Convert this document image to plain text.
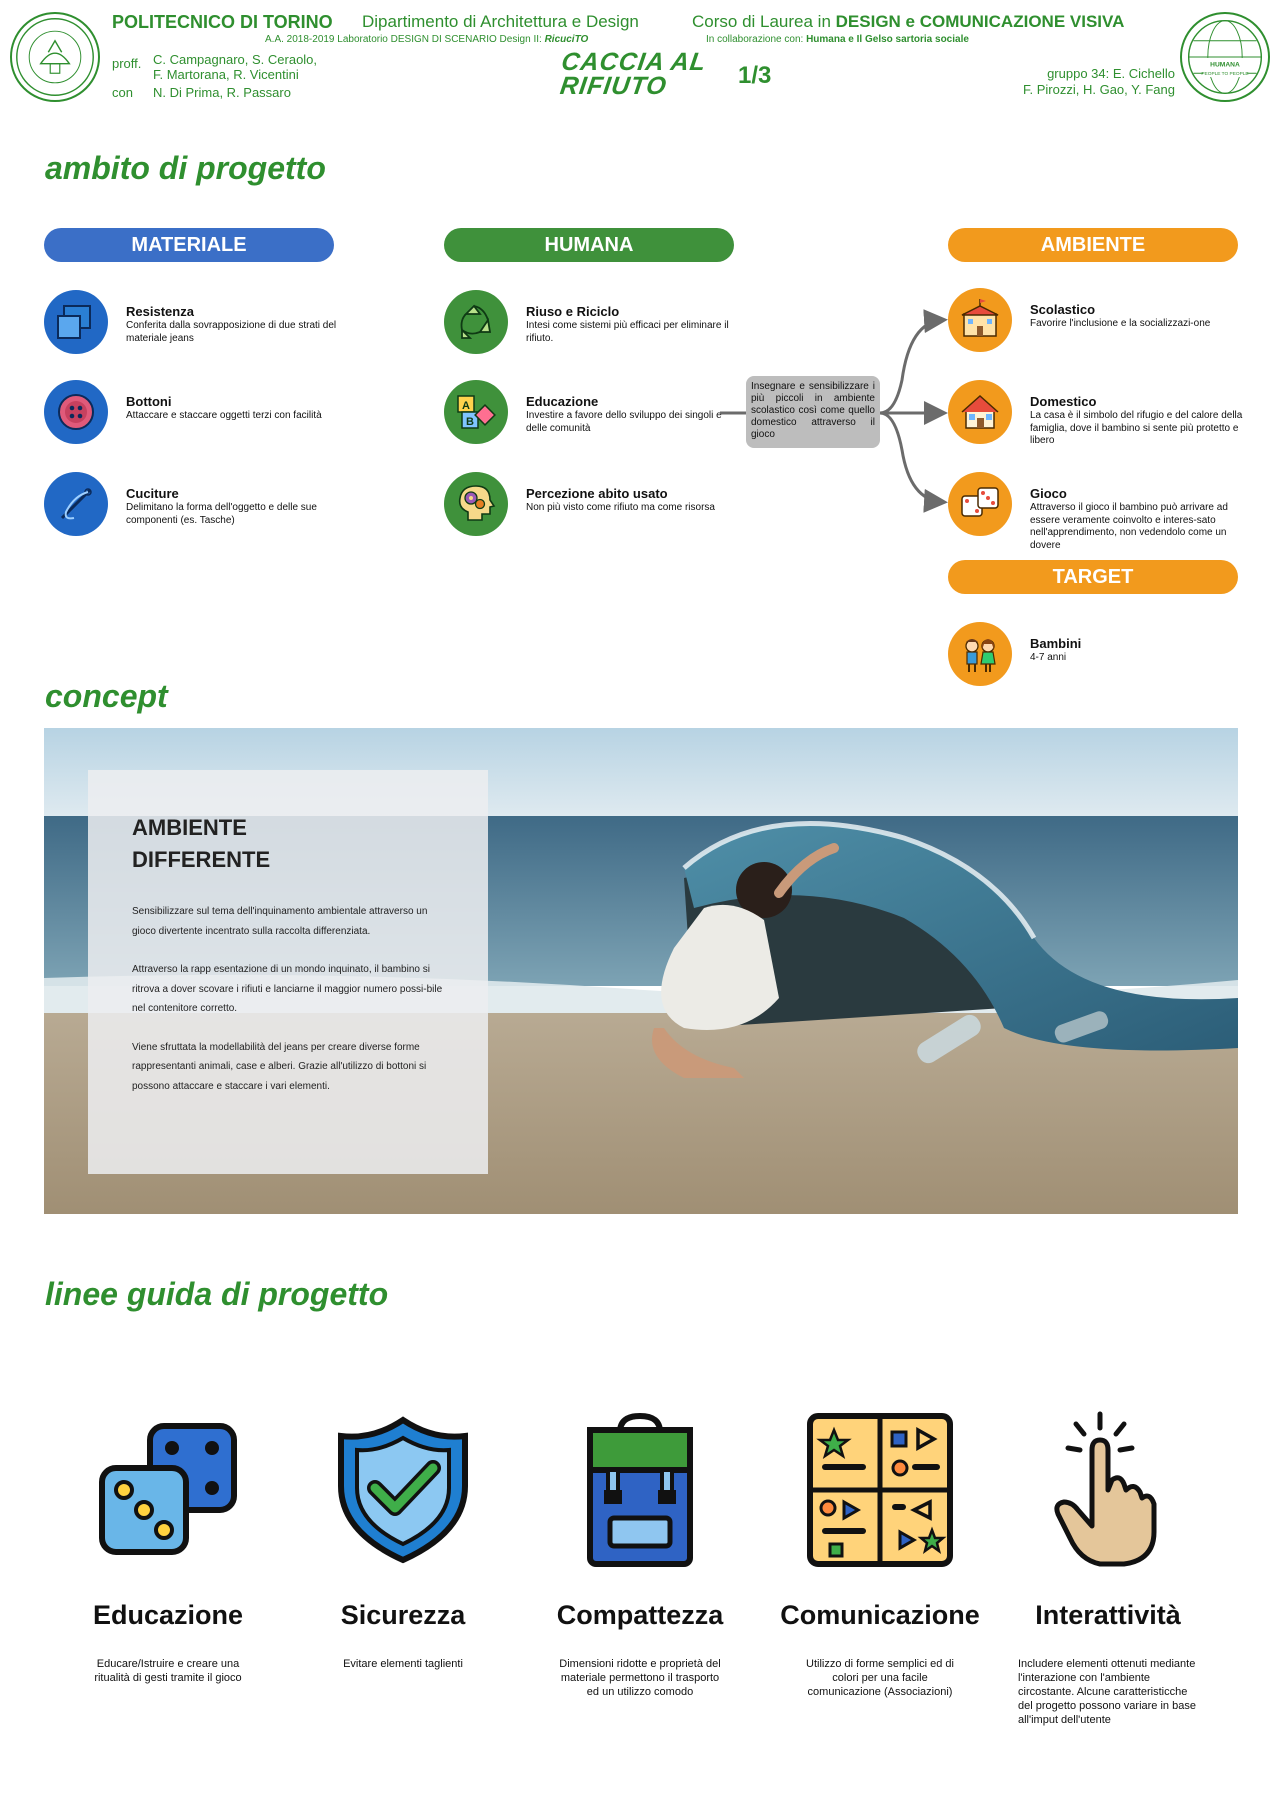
HUMANA
PEOPLE TO PEOPLE
POLITECNICO DI TORINO Dipartimento di Architettura e Design	Corso di Laurea in DESIGN e COMUNICAZIONE VISIVA
A.A. 2018-2019 Laboratorio DESIGN DI SCENARIO Design II: RicuciTO	In collaborazione con: Humana e Il Gelso sartoria sociale
proff. C. Campagnaro, S. Ceraolo,
F. Martorana, R. Vicentini
con N. Di Prima, R. Passaro
gruppo 34: E. Cichello
F. Pirozzi, H. Gao, Y. Fang
CACCIA AL
RIFIUTO	1/3
ambito di progetto
MATERIALE	HUMANA	AMBIENTE
Resistenza
Conferita dalla sovrapposizione di due strati del materiale jeans
Bottoni
Attaccare e staccare oggetti terzi con facilità
Cuciture
Delimitano la forma dell'oggetto e delle sue componenti (es. Tasche)
Riuso e Riciclo
Intesi come sistemi più efficaci per eliminare il rifiuto.
A
B
Educazione
Investire a favore dello sviluppo dei singoli e delle comunità
Percezione abito usato
Non più visto come rifiuto ma come risorsa
Insegnare e sensibilizzare i più piccoli in ambiente scolastico così come quello domestico attraverso il gioco
Scolastico
Favorire l'inclusione e la socializzazi-one
Domestico
La casa è il simbolo del rifugio e del calore della famiglia, dove il bambino si sente più protetto e libero
Gioco
Attraverso il gioco il bambino può arrivare ad essere veramente coinvolto e interes-sato nell'apprendimento, non vedendolo come un dovere
TARGET
Bambini
4-7 anni
concept
AMBIENTE DIFFERENTE

Sensibilizzare sul tema dell'inquinamento ambientale attraverso un gioco divertente incentrato sulla raccolta differenziata.

Attraverso la rapp esentazione di un mondo inquinato, il bambino si ritrova a dover scovare i rifiuti e lanciarne il maggior numero possi-bile nel contenitore corretto.

Viene sfruttata la modellabilità del jeans per creare diverse forme rappresentanti animali, case e alberi. Grazie all'utilizzo di bottoni si possono attaccare e staccare i vari elementi.

linee guida di progetto
Educazione
Educare/Istruire e creare una ritualità di gesti tramite il gioco
Sicurezza
Evitare elementi taglienti
Compattezza
Dimensioni ridotte e proprietà del materiale permettono il trasporto ed un utilizzo comodo
Comunicazione
Utilizzo di forme semplici ed di colori per una facile comunicazione (Associazioni)
Interattività
Includere elementi ottenuti mediante l'interazione con l'ambiente circostante. Alcune caratteristicche del progetto possono variare in base all'imput dell'utente
